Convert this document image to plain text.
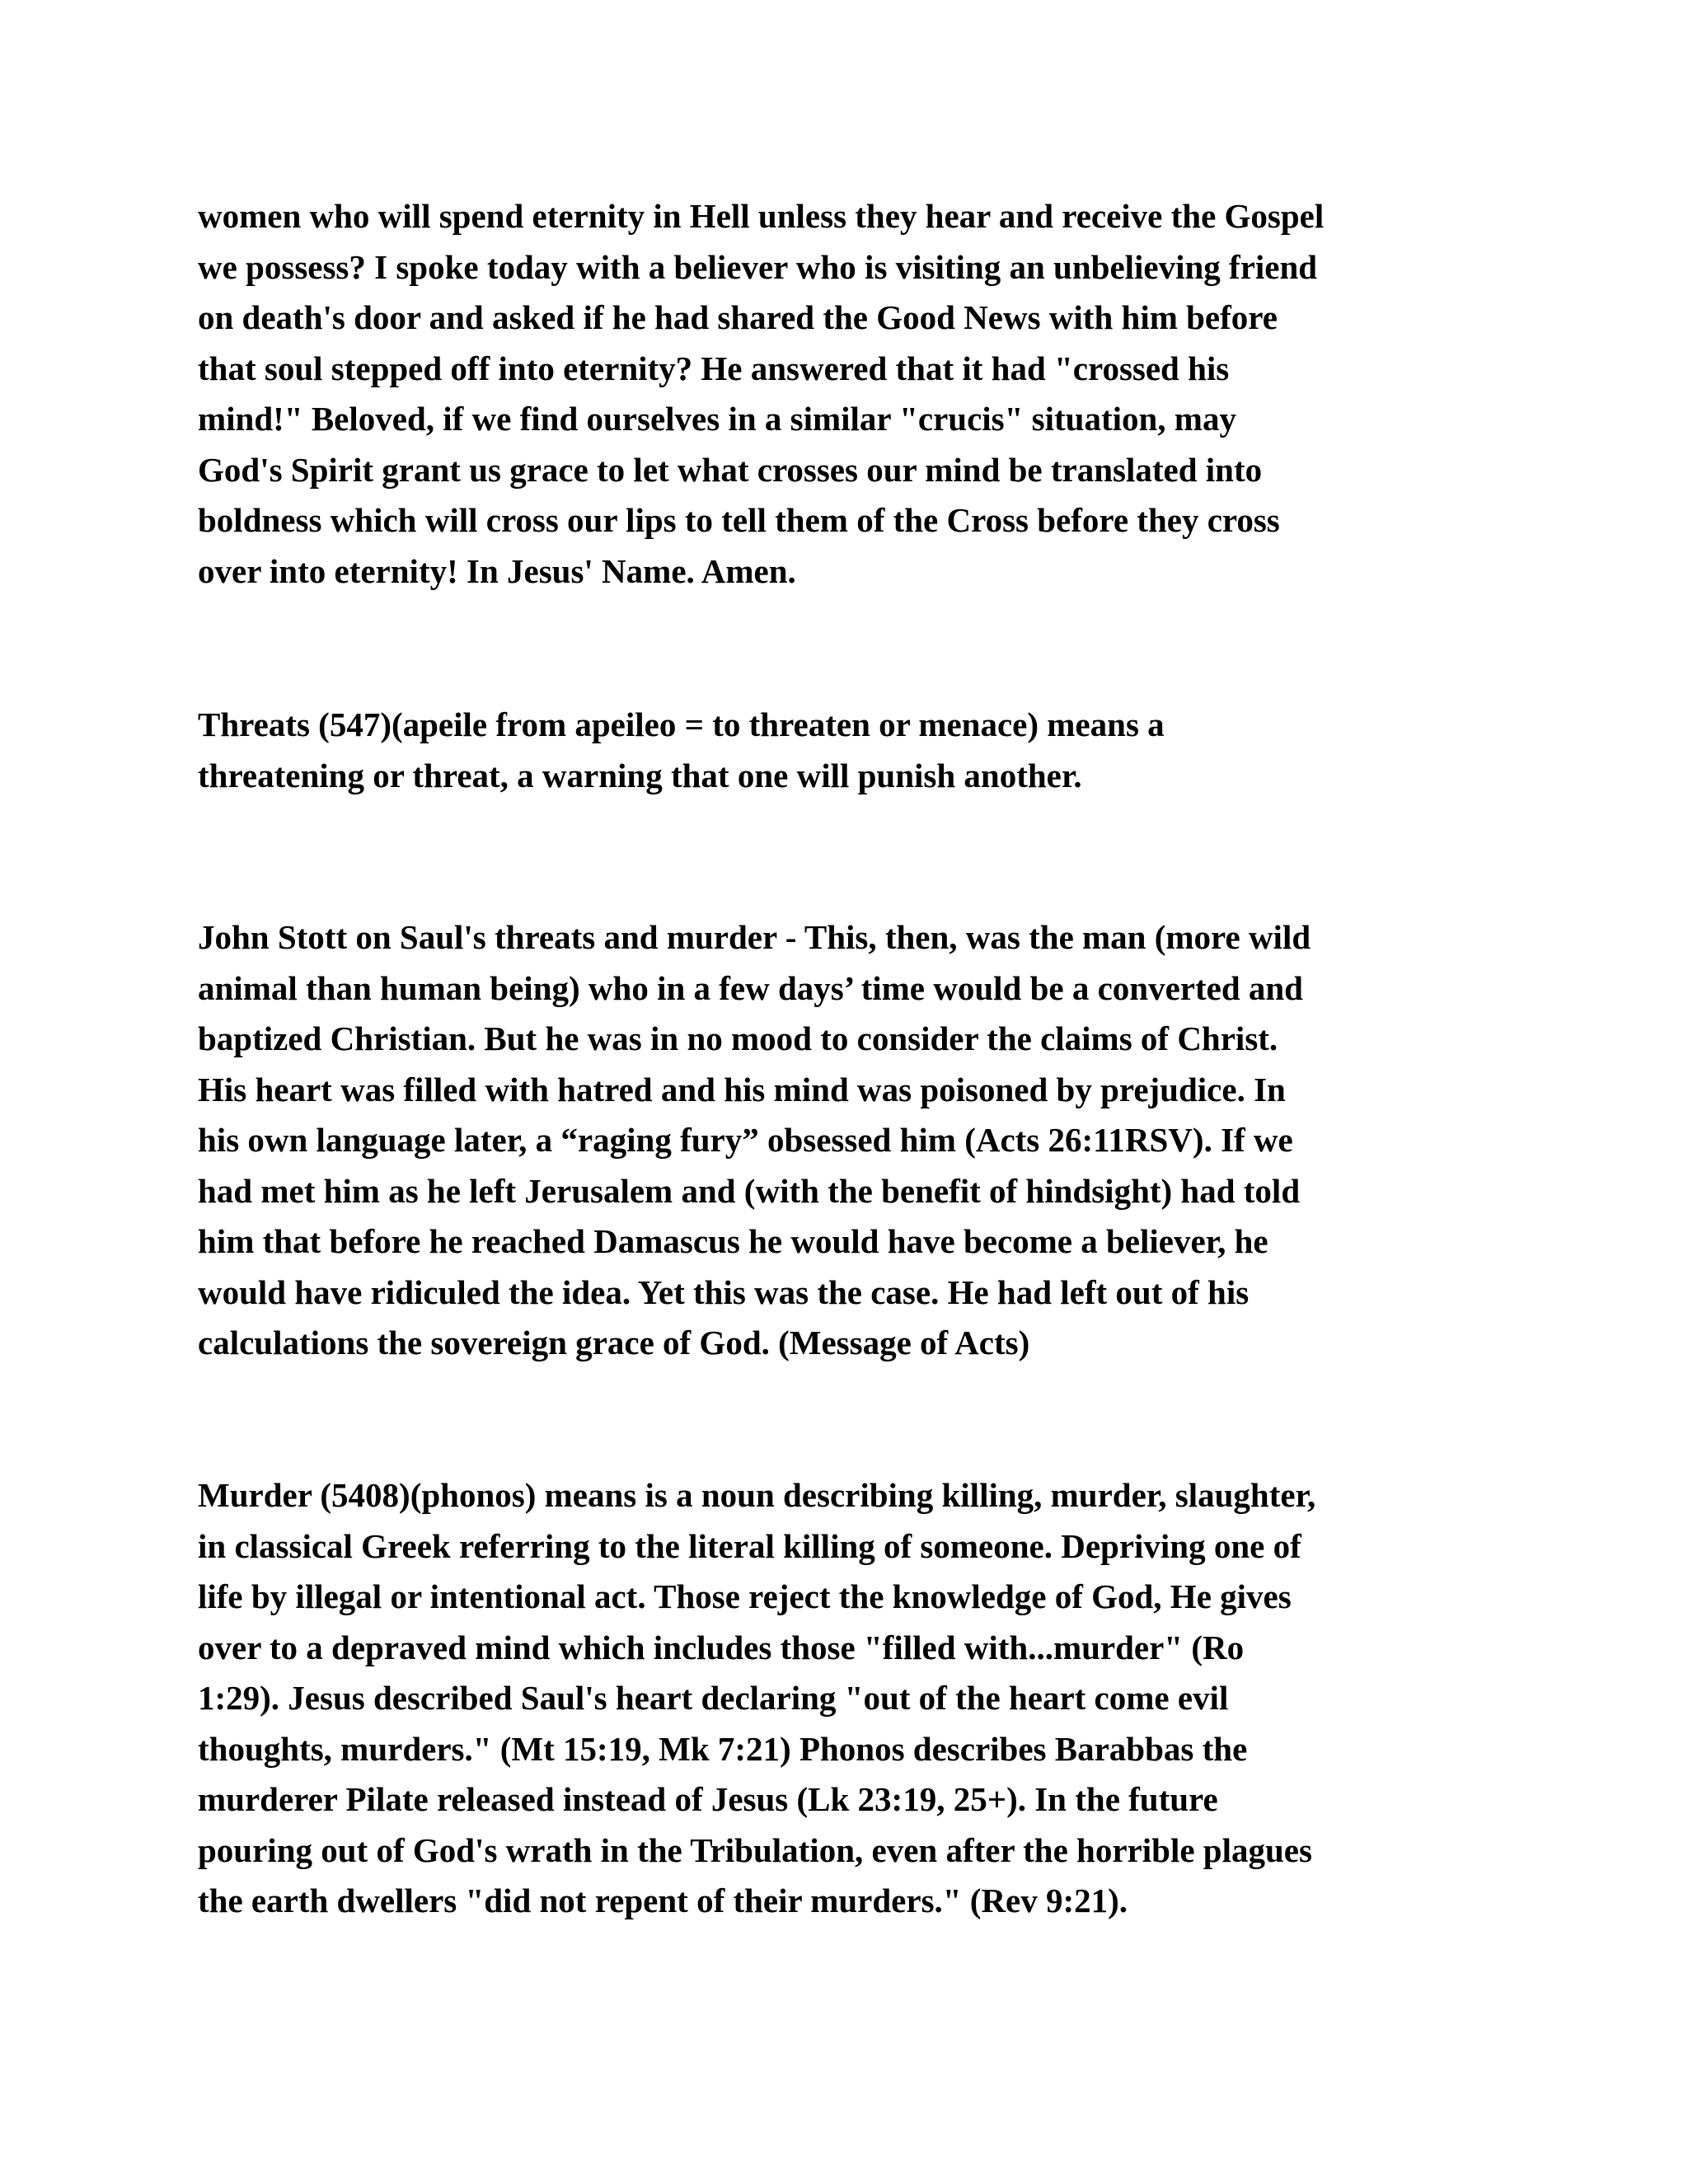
women who will spend eternity in Hell unless they hear and receive the Gospel
we possess? I spoke today with a believer who is visiting an unbelieving friend
on death's door and asked if he had shared the Good News with him before
that soul stepped off into eternity? He answered that it had "crossed his
mind!" Beloved, if we find ourselves in a similar "crucis" situation, may
God's Spirit grant us grace to let what crosses our mind be translated into
boldness which will cross our lips to tell them of the Cross before they cross
over into eternity! In Jesus' Name. Amen.
Threats (547)(apeile from apeileo = to threaten or menace) means a
threatening or threat, a warning that one will punish another.
John Stott on Saul's threats and murder - This, then, was the man (more wild
animal than human being) who in a few days’ time would be a converted and
baptized Christian. But he was in no mood to consider the claims of Christ.
His heart was filled with hatred and his mind was poisoned by prejudice. In
his own language later, a “raging fury” obsessed him (Acts 26:11RSV). If we
had met him as he left Jerusalem and (with the benefit of hindsight) had told
him that before he reached Damascus he would have become a believer, he
would have ridiculed the idea. Yet this was the case. He had left out of his
calculations the sovereign grace of God. (Message of Acts)
Murder (5408)(phonos) means is a noun describing killing, murder, slaughter,
in classical Greek referring to the literal killing of someone. Depriving one of
life by illegal or intentional act. Those reject the knowledge of God, He gives
over to a depraved mind which includes those "filled with...murder" (Ro
1:29). Jesus described Saul's heart declaring "out of the heart come evil
thoughts, murders." (Mt 15:19, Mk 7:21) Phonos describes Barabbas the
murderer Pilate released instead of Jesus (Lk 23:19, 25+). In the future
pouring out of God's wrath in the Tribulation, even after the horrible plagues
the earth dwellers "did not repent of their murders." (Rev 9:21).
